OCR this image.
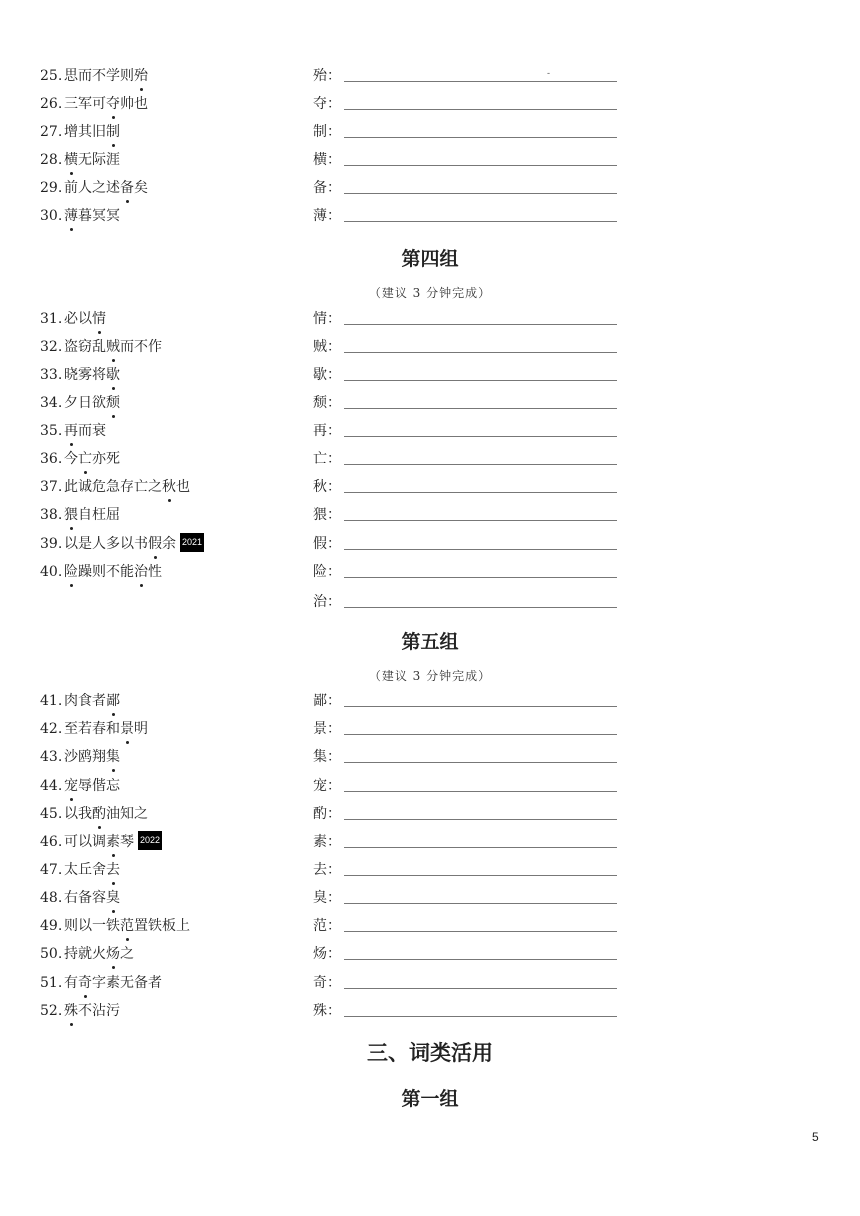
第四组
（建议 3 分钟完成）
第五组
（建议 3 分钟完成）
三、词类活用
第一组
5
25. 思而不学则殆	殆：	-
26. 三军可夺帅也	夺：
27. 增其旧制	制：
28. 横无际涯	横：
29. 前人之述备矣	备：
30. 薄暮冥冥	薄：
31. 必以情	情：
32. 盗窃乱贼而不作	贼：
33. 晓雾将歇	歇：
34. 夕日欲颓	颓：
35. 再而衰	再：
36. 今亡亦死	亡：
37. 此诚危急存亡之秋也	秋：
38. 猥自枉屈	猥：
39. 以是人多以书假余 2021	假：
40. 险躁则不能治性	险：
治：
41. 肉食者鄙	鄙：
42. 至若春和景明	景：
43. 沙鸥翔集	集：
44. 宠辱偕忘	宠：
45. 以我酌油知之	酌：
46. 可以调素琴 2022	素：
47. 太丘舍去	去：
48. 右备容臭	臭：
49. 则以一铁范置铁板上	范：
50. 持就火炀之	炀：
51. 有奇字素无备者	奇：
52. 殊不沾污	殊：
